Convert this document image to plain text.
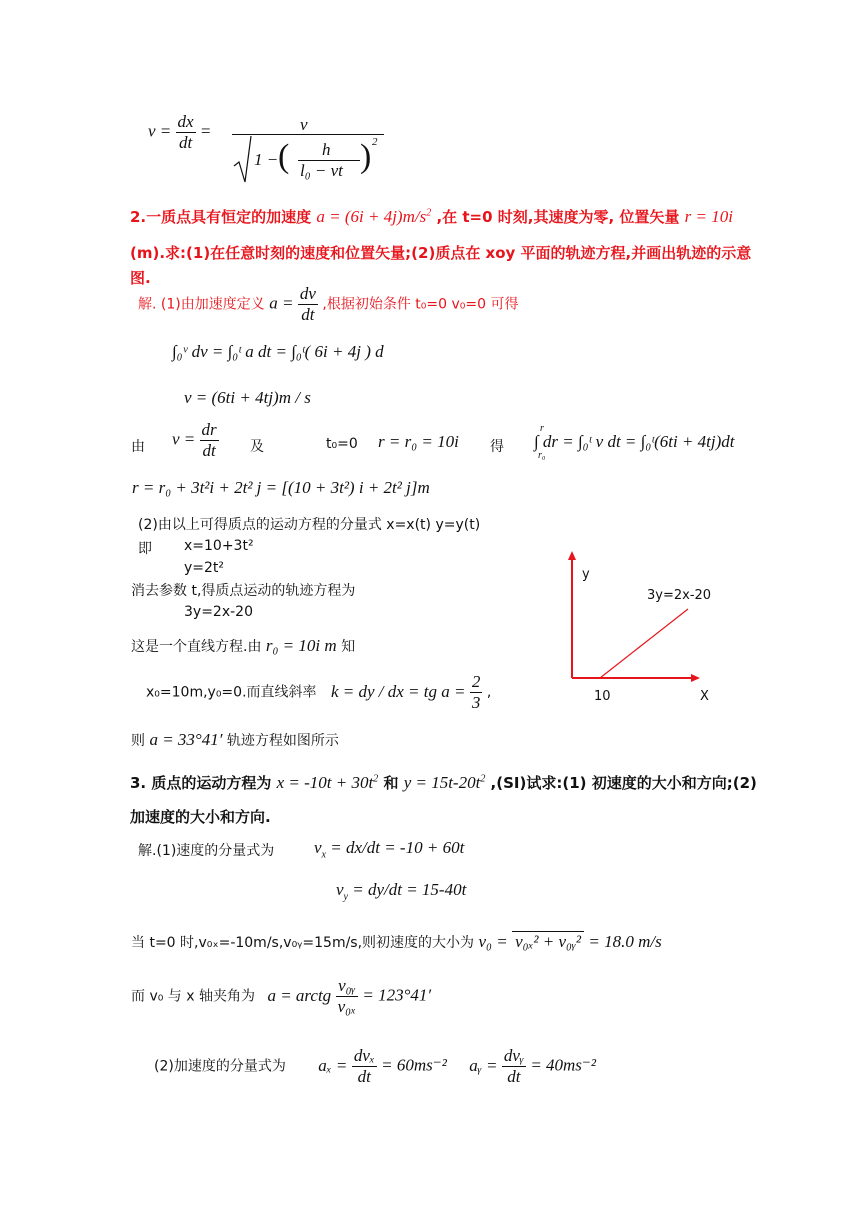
$v = \frac{dx}{dt}$ =	v
1 − ( h
l₀ − vt ) 2
2.一质点具有恒定的加速度 $a = (6i + 4j)m/s^2$ ,在 t=0 时刻,其速度为零, 位置矢量 r = 10i
(m).求:(1)在任意时刻的速度和位置矢量;(2)质点在 xoy 平面的轨迹方程,并画出轨迹的示意
图.
解. (1)由加速度定义 $a = \frac{dv}{dt}$ ,根据初始条件 t₀=0 v₀=0 可得
∫₀ᵛ dv = ∫₀ᵗ a dt = ∫₀ᵗ( 6i + 4j ) d
v = (6ti + 4tj)m / s
由 $v = \frac{dr}{dt}$ 及	t₀=0 r = r₀ = 10i 得 ∫ dr = ∫₀ᵗ v dt = ∫₀ᵗ(6ti + 4tj)dt
r
r₀
r = r₀ + 3t²i + 2t² j = [(10 + 3t²) i + 2t² j]m
(2)由以上可得质点的运动方程的分量式 x=x(t) y=y(t)
即 x=10+3t²
y=2t²
消去参数 t,得质点运动的轨迹方程为
3y=2x-20
这是一个直线方程.由 r₀ = 10i m 知
x₀=10m,y₀=0.而直线斜率 k = dy / dx = tg $a = \frac{2}{3}$ ,
则 a = 33°41′ 轨迹方程如图所示
y
3y=2x-20
10	X
3. 质点的运动方程为 $x = -10t + 30t^2$ 和 $y = 15t-20t^2$ ,(SI)试求:(1) 初速度的大小和方向;(2)
加速度的大小和方向.
解.(1)速度的分量式为 $v_x = dx/dt = -10 + 60t$
$v_y = dy/dt = 15-40t$
当 t=0 时,v₀ₓ=-10m/s,v₀ᵧ=15m/s,则初速度的大小为 v₀ = v₀ₓ² + v₀ᵧ² = 18.0 m/s
而 v₀ 与 x 轴夹角为 a = arctg $\frac{\text{v₀ᵧ}}{\text{v₀ₓ}} = 123^\circ 41'$
(2)加速度的分量式为 $a_x = \frac{\text{dvₓ}}{dt} = 60ms^{-2}$ aᵧ = $\frac{\text{dvᵧ}}{dt} = 40ms^{-2}$
